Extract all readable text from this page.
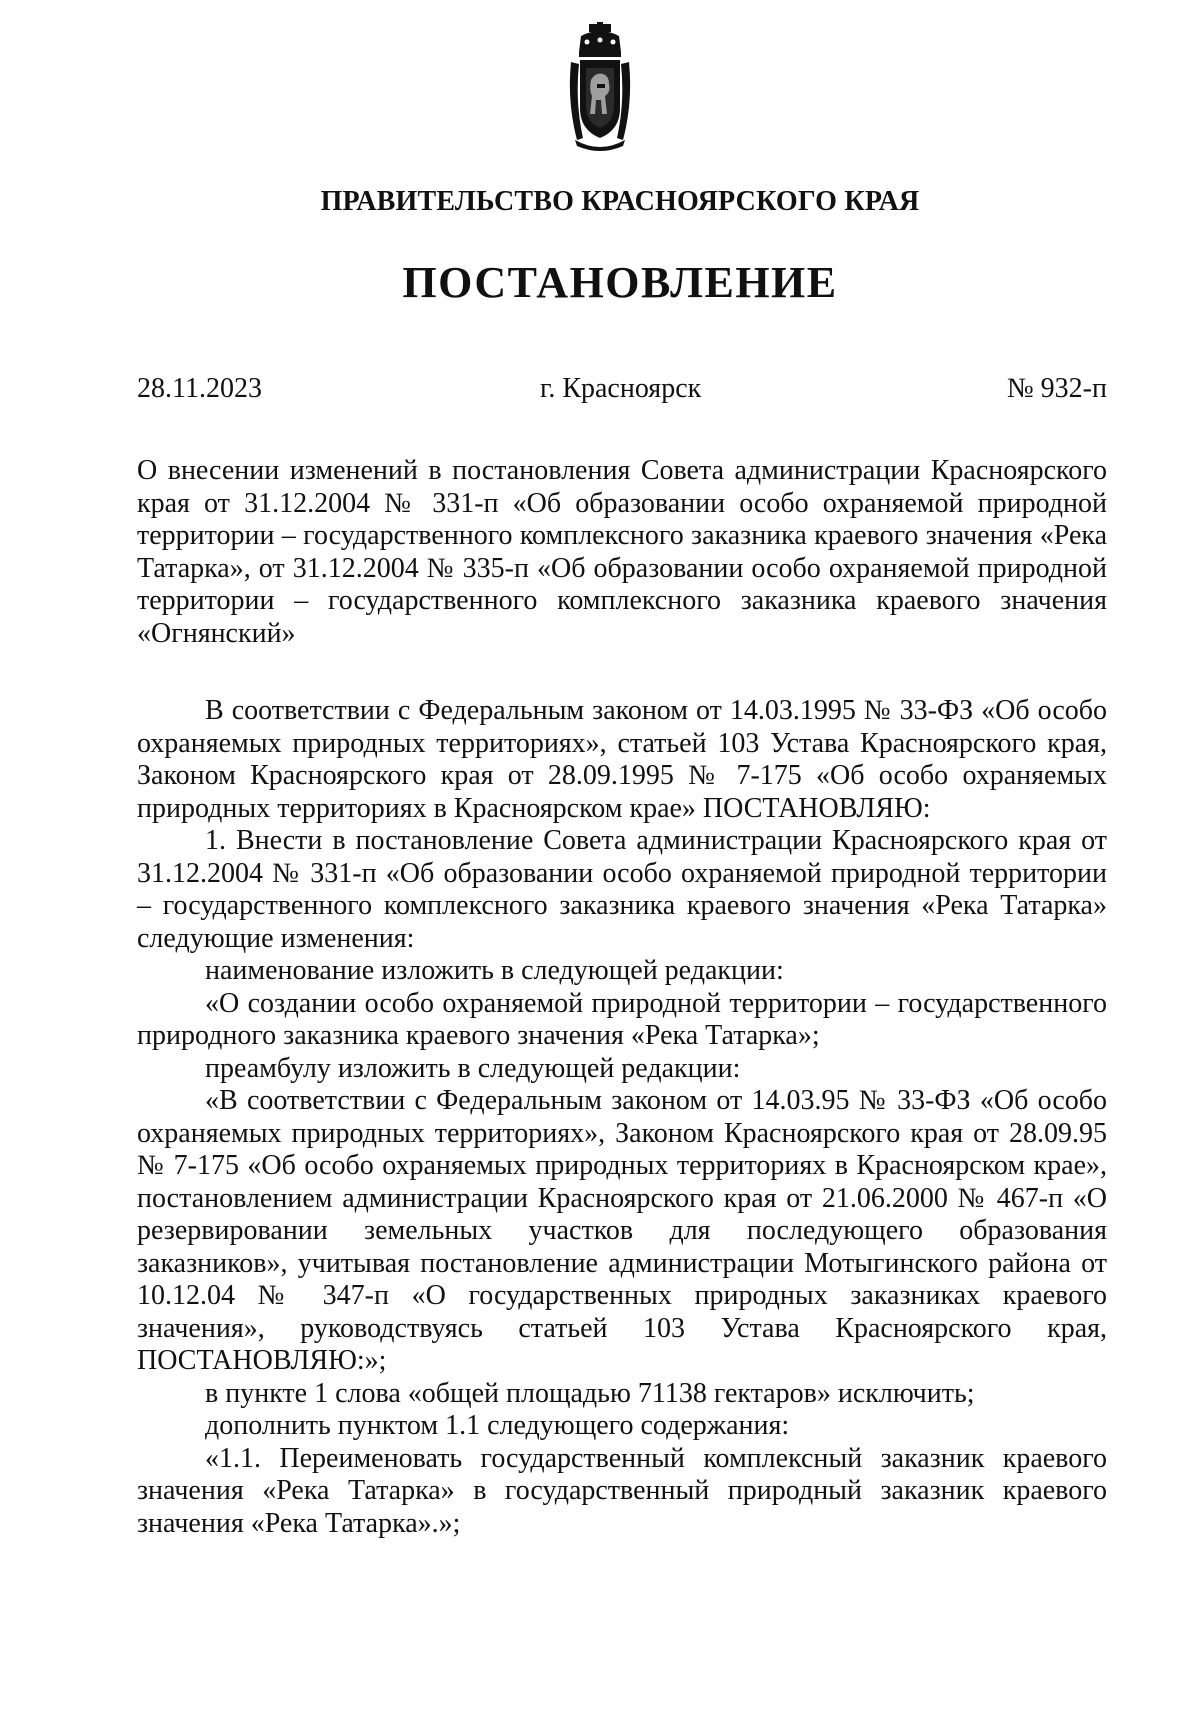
ПРАВИТЕЛЬСТВО КРАСНОЯРСКОГО КРАЯ
ПОСТАНОВЛЕНИЕ
28.11.2023	г. Красноярск	№ 932-п

О внесении изменений в постановления Совета администрации Красноярского края от 31.12.2004 № 331-п «Об образовании особо охраняемой природной территории – государственного комплексного заказника краевого значения «Река Татарка», от 31.12.2004 № 335-п «Об образовании особо охраняемой природной территории – государственного комплексного заказника краевого значения «Огнянский»

В соответствии с Федеральным законом от 14.03.1995 № 33-ФЗ «Об особо охраняемых природных территориях», статьей 103 Устава Красноярского края, Законом Красноярского края от 28.09.1995 № 7-175 «Об особо охраняемых природных территориях в Красноярском крае» ПОСТАНОВЛЯЮ:

1. Внести в постановление Совета администрации Красноярского края от 31.12.2004 № 331-п «Об образовании особо охраняемой природной территории – государственного комплексного заказника краевого значения «Река Татарка» следующие изменения:

наименование изложить в следующей редакции:

«О создании особо охраняемой природной территории – государственного природного заказника краевого значения «Река Татарка»;

преамбулу изложить в следующей редакции:

«В соответствии с Федеральным законом от 14.03.95 № 33-ФЗ «Об особо охраняемых природных территориях», Законом Красноярского края от 28.09.95 № 7-175 «Об особо охраняемых природных территориях в Красноярском крае», постановлением администрации Красноярского края от 21.06.2000 № 467-п «О резервировании земельных участков для последующего образования заказников», учитывая постановление администрации Мотыгинского района от 10.12.04 № 347-п «О государственных природных заказниках краевого значения», руководствуясь статьей 103 Устава Красноярского края, ПОСТАНОВЛЯЮ:»;

в пункте 1 слова «общей площадью 71138 гектаров» исключить;

дополнить пунктом 1.1 следующего содержания:

«1.1. Переименовать государственный комплексный заказник краевого значения «Река Татарка» в государственный природный заказник краевого значения «Река Татарка».»;
